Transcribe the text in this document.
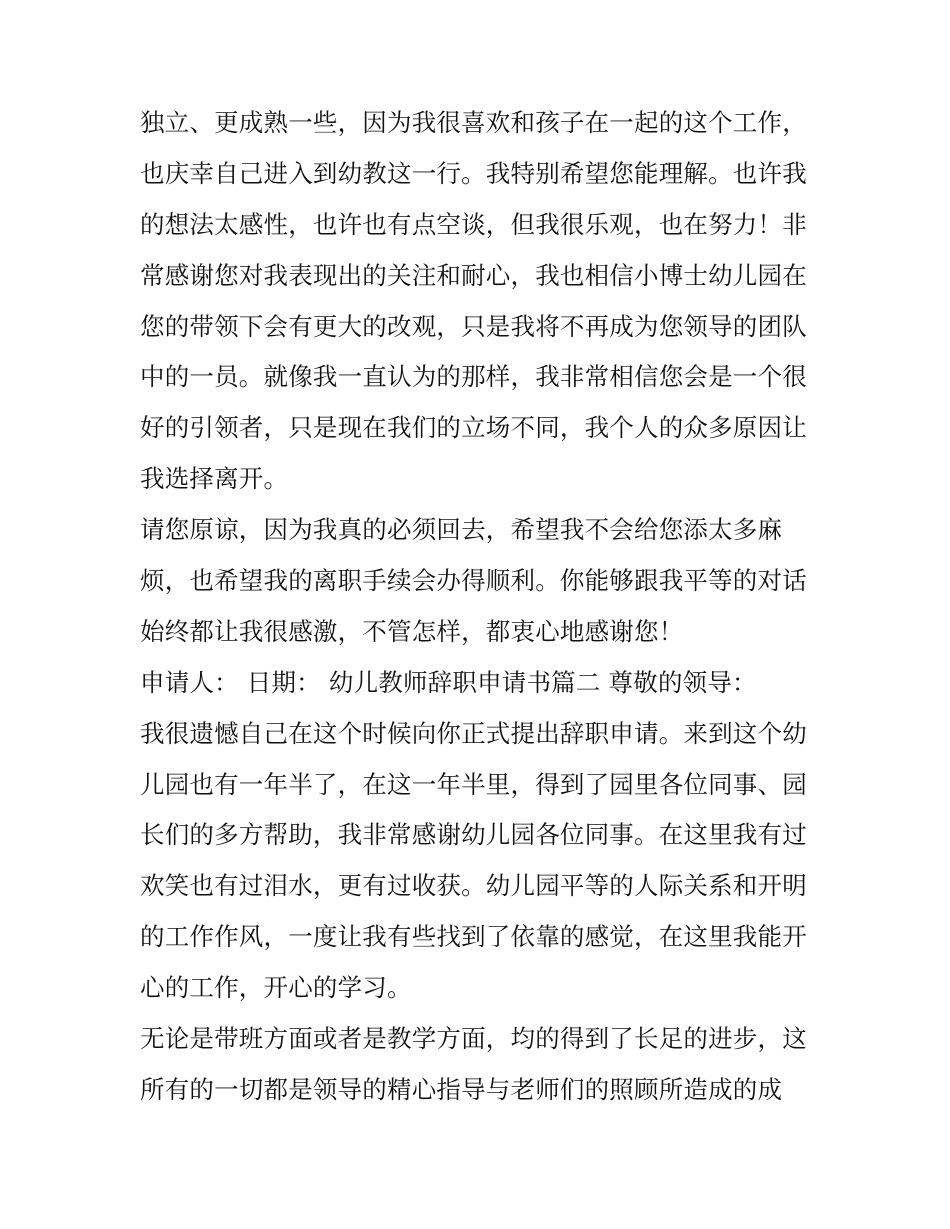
独立、更成熟一些，因为我很喜欢和孩子在一起的这个工作，
也庆幸自己进入到幼教这一行。我特别希望您能理解。也许我
的想法太感性，也许也有点空谈，但我很乐观，也在努力！非
常感谢您对我表现出的关注和耐心，我也相信小博士幼儿园在
您的带领下会有更大的改观，只是我将不再成为您领导的团队
中的一员。就像我一直认为的那样，我非常相信您会是一个很
好的引领者，只是现在我们的立场不同，我个人的众多原因让
我选择离开。
请您原谅，因为我真的必须回去，希望我不会给您添太多麻
烦，也希望我的离职手续会办得顺利。你能够跟我平等的对话
始终都让我很感激，不管怎样，都衷心地感谢您！
申请人： 日期： 幼儿教师辞职申请书篇二 尊敬的领导：
我很遗憾自己在这个时候向你正式提出辞职申请。来到这个幼
儿园也有一年半了，在这一年半里，得到了园里各位同事、园
长们的多方帮助，我非常感谢幼儿园各位同事。在这里我有过
欢笑也有过泪水，更有过收获。幼儿园平等的人际关系和开明
的工作作风，一度让我有些找到了依靠的感觉，在这里我能开
心的工作，开心的学习。
无论是带班方面或者是教学方面，均的得到了长足的进步，这
所有的一切都是领导的精心指导与老师们的照顾所造成的成
